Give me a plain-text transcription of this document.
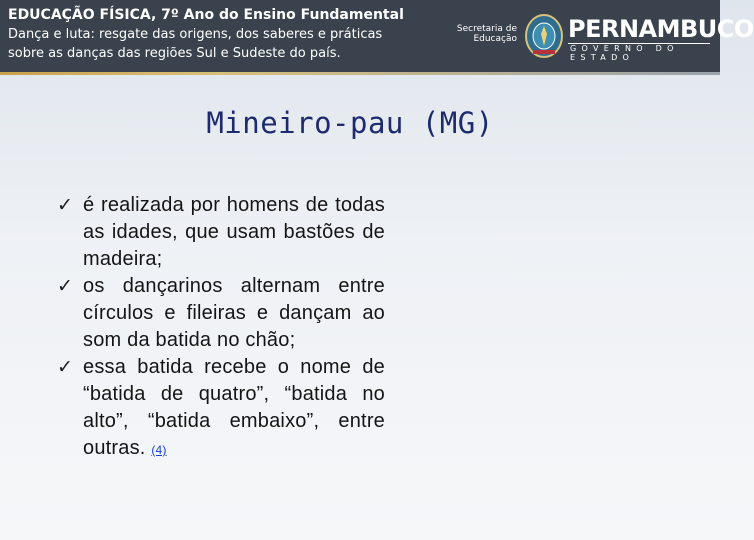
EDUCAÇÃO FÍSICA, 7º Ano do Ensino Fundamental
Dança e luta: resgate das origens, dos saberes e práticas
sobre as danças das regiões Sul e Sudeste do país.
Secretaria de
Educação PERNAMBUCO
GOVERNO DO ESTADO
Mineiro-pau (MG)
✓ é realizada por homens de todas as idades, que usam bastões de madeira;
✓ os dançarinos alternam entre círculos e fileiras e dançam ao som da batida no chão;
✓ essa batida recebe o nome de “batida de quatro”, “batida no alto”, “batida embaixo”, entre outras. (4)
